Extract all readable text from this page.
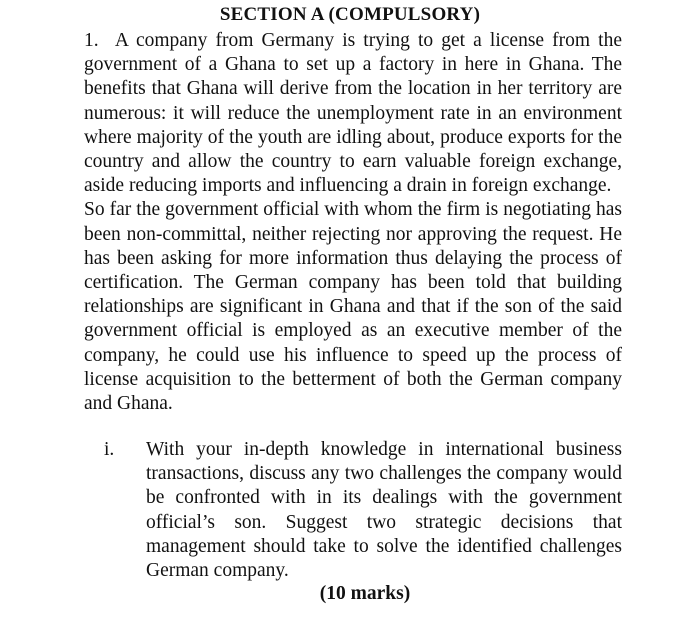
SECTION A (COMPULSORY)

1. A company from Germany is trying to get a license from the government of a Ghana to set up a factory in here in Ghana. The benefits that Ghana will derive from the location in her territory are numerous: it will reduce the unemployment rate in an environment where majority of the youth are idling about, produce exports for the country and allow the country to earn valuable foreign exchange, aside reducing imports and influencing a drain in foreign exchange.

So far the government official with whom the firm is negotiating has been non-committal, neither rejecting nor approving the request. He has been asking for more information thus delaying the process of certification. The German company has been told that building relationships are significant in Ghana and that if the son of the said government official is employed as an executive member of the company, he could use his influence to speed up the process of license acquisition to the betterment of both the German company and Ghana.

i. With your in-depth knowledge in international business transactions, discuss any two challenges the company would be confronted with in its dealings with the government official’s son. Suggest two strategic decisions that management should take to solve the identified challenges German company.
(10 marks)
